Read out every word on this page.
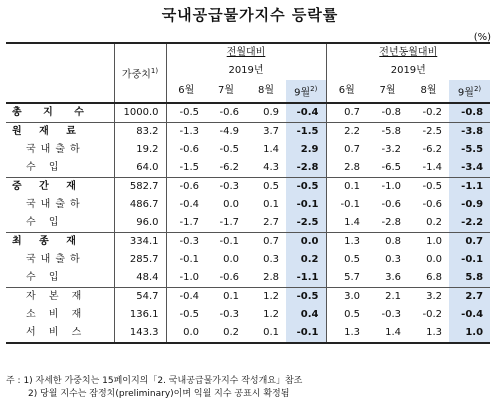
국내공급물가지수 등락률
(%)
	가중치$^{1)}$	전월대비				전년동월대비			
		2019년				2019년			
		6월	7월	8월	9월$^{2)}$	6월	7월	8월	9월$^{2)}$
총 지 수	1000.0	-0.5	-0.6	0.9	-0.4	0.7	-0.8	-0.2	-0.8
원 재 료	83.2	-1.3	-4.9	3.7	-1.5	2.2	-5.8	-2.5	-3.8
국내출하	19.2	-0.6	-0.5	1.4	2.9	0.7	-3.2	-6.2	-5.5
수 입	64.0	-1.5	-6.2	4.3	-2.8	2.8	-6.5	-1.4	-3.4
중 간 재	582.7	-0.6	-0.3	0.5	-0.5	0.1	-1.0	-0.5	-1.1
국내출하	486.7	-0.4	0.0	0.1	-0.1	-0.1	-0.6	-0.6	-0.9
수 입	96.0	-1.7	-1.7	2.7	-2.5	1.4	-2.8	0.2	-2.2
최 종 재	334.1	-0.3	-0.1	0.7	0.0	1.3	0.8	1.0	0.7
국내출하	285.7	-0.1	0.0	0.3	0.2	0.5	0.3	0.0	-0.1
수 입	48.4	-1.0	-0.6	2.8	-1.1	5.7	3.6	6.8	5.8
자 본 재	54.7	-0.4	0.1	1.2	-0.5	3.0	2.1	3.2	2.7
소 비 재	136.1	-0.5	-0.3	1.2	0.4	0.5	-0.3	-0.2	-0.4
서 비 스	143.3	0.0	0.2	0.1	-0.1	1.3	1.4	1.3	1.0
주 : 1) 자세한 가중치는 15페이지의「2. 국내공급물가지수 작성개요」참조
2) 당월 지수는 잠정치(preliminary)이며 익월 지수 공표시 확정됨
